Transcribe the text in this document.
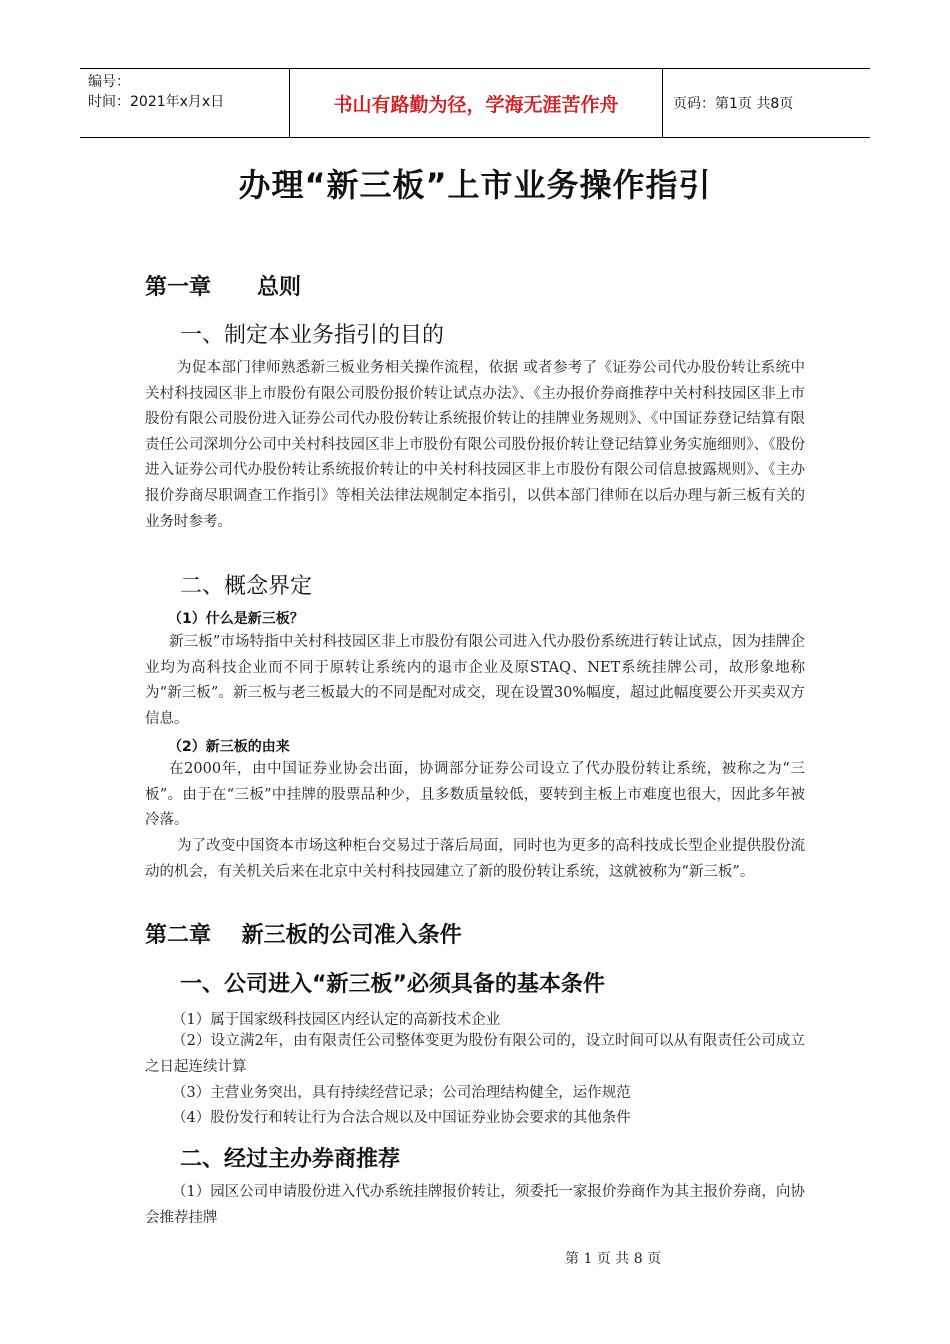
编号：
时间：2021年x月x日	书山有路勤为径，学海无涯苦作舟	页码：第1页 共8页
办理“新三板”上市业务操作指引
第一章      总则
一、制定本业务指引的目的
为促本部门律师熟悉新三板业务相关操作流程，依据 或者参考了《证券公司代办股份转让系统中关村科技园区非上市股份有限公司股份报价转让试点办法》、《主办报价券商推荐中关村科技园区非上市股份有限公司股份进入证券公司代办股份转让系统报价转让的挂牌业务规则》、《中国证券登记结算有限责任公司深圳分公司中关村科技园区非上市股份有限公司股份报价转让登记结算业务实施细则》、《股份进入证券公司代办股份转让系统报价转让的中关村科技园区非上市股份有限公司信息披露规则》、《主办报价券商尽职调查工作指引》等相关法律法规制定本指引，以供本部门律师在以后办理与新三板有关的业务时参考。
二、概念界定
（1）什么是新三板？
新三板”市场特指中关村科技园区非上市股份有限公司进入代办股份系统进行转让试点，因为挂牌企业均为高科技企业而不同于原转让系统内的退市企业及原STAQ、NET系统挂牌公司，故形象地称为“新三板”。新三板与老三板最大的不同是配对成交，现在设置30%幅度，超过此幅度要公开买卖双方信息。
（2）新三板的由来
在2000年，由中国证券业协会出面，协调部分证券公司设立了代办股份转让系统，被称之为“三板”。由于在“三板”中挂牌的股票品种少，且多数质量较低，要转到主板上市难度也很大，因此多年被冷落。
为了改变中国资本市场这种柜台交易过于落后局面，同时也为更多的高科技成长型企业提供股份流动的机会，有关机关后来在北京中关村科技园建立了新的股份转让系统，这就被称为“新三板”。
第二章    新三板的公司准入条件
一、公司进入“新三板”必须具备的基本条件
（1）属于国家级科技园区内经认定的高新技术企业
（2）设立满2年，由有限责任公司整体变更为股份有限公司的，设立时间可以从有限责任公司成立之日起连续计算
（3）主营业务突出，具有持续经营记录；公司治理结构健全，运作规范
（4）股份发行和转让行为合法合规以及中国证券业协会要求的其他条件
二、经过主办券商推荐
（1）园区公司申请股份进入代办系统挂牌报价转让，须委托一家报价券商作为其主报价券商，向协会推荐挂牌
第 1 页 共 8 页
